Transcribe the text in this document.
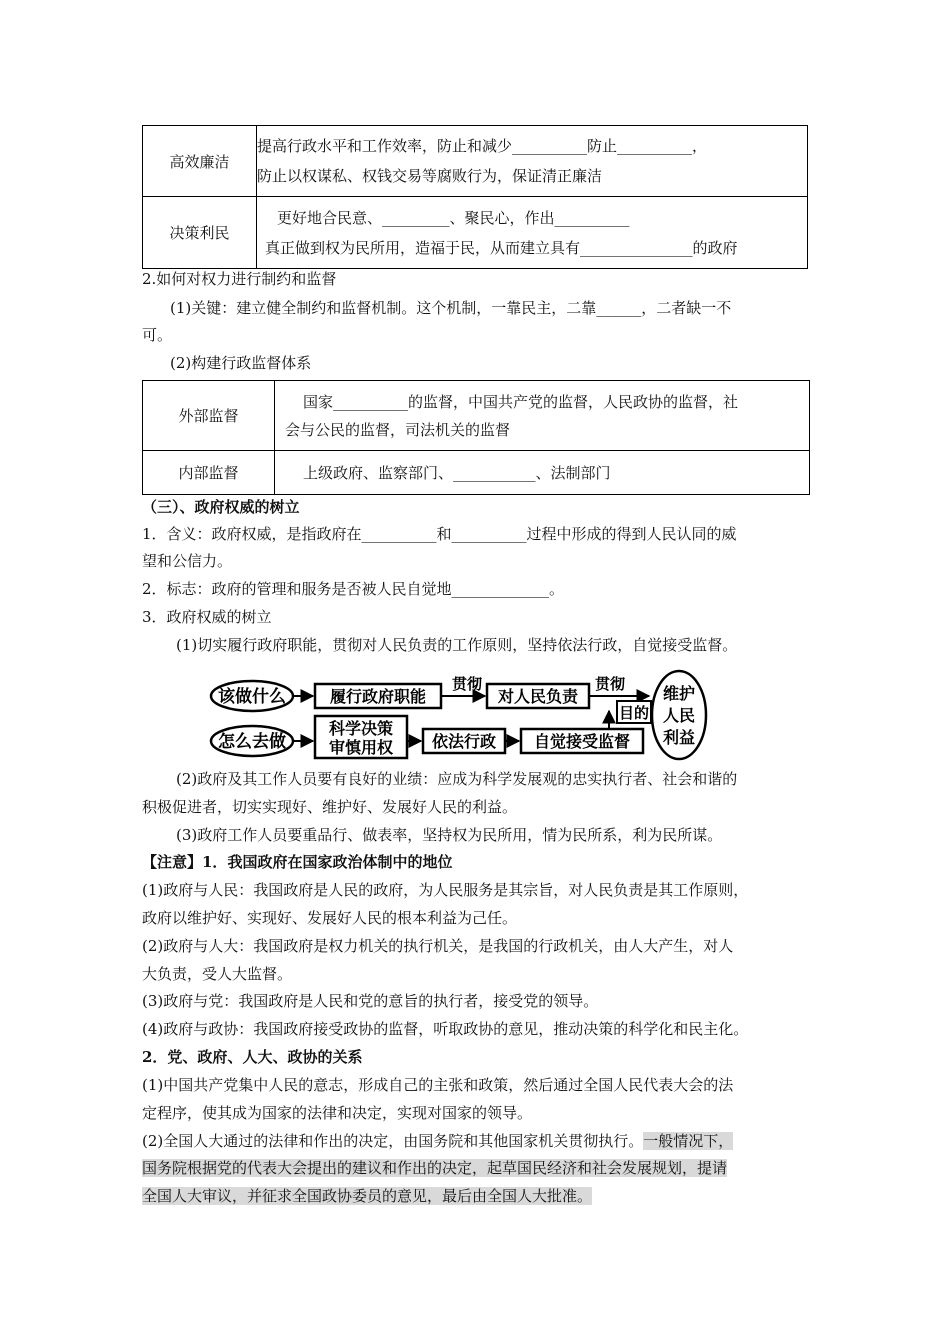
高效廉洁	提高行政水平和工作效率，防止和减少__________防止__________，
防止以权谋私、权钱交易等腐败行为，保证清正廉洁

决策利民	更好地合民意、_________、聚民心，作出__________
真正做到权为民所用，造福于民，从而建立具有_______________的政府
2.如何对权力进行制约和监督
(1)关键：建立健全制约和监督机制。这个机制，一靠民主，二靠______，二者缺一不
可。
(2)构建行政监督体系
外部监督	国家__________的监督，中国共产党的监督，人民政协的监督，社
会与公民的监督，司法机关的监督

内部监督	上级政府、监察部门、___________、法制部门
（三）、政府权威的树立
1．含义：政府权威，是指政府在__________和__________过程中形成的得到人民认同的威
望和公信力。
2．标志：政府的管理和服务是否被人民自觉地_____________。
3．政府权威的树立
(1)切实履行政府职能，贯彻对人民负责的工作原则，坚持依法行政，自觉接受监督。
该做什么
怎么去做
履行政府职能
贯彻
对人民负责
贯彻
科学决策
审慎用权 依法行政 自觉接受监督
目的
维护
人民
利益
(2)政府及其工作人员要有良好的业绩：应成为科学发展观的忠实执行者、社会和谐的
积极促进者，切实实现好、维护好、发展好人民的利益。
(3)政府工作人员要重品行、做表率，坚持权为民所用，情为民所系，利为民所谋。
【注意】1．我国政府在国家政治体制中的地位
(1)政府与人民：我国政府是人民的政府，为人民服务是其宗旨，对人民负责是其工作原则，
政府以维护好、实现好、发展好人民的根本利益为己任。
(2)政府与人大：我国政府是权力机关的执行机关，是我国的行政机关，由人大产生，对人
大负责，受人大监督。
(3)政府与党：我国政府是人民和党的意旨的执行者，接受党的领导。
(4)政府与政协：我国政府接受政协的监督，听取政协的意见，推动决策的科学化和民主化。
2．党、政府、人大、政协的关系
(1)中国共产党集中人民的意志，形成自己的主张和政策，然后通过全国人民代表大会的法
定程序，使其成为国家的法律和决定，实现对国家的领导。
(2)全国人大通过的法律和作出的决定，由国务院和其他国家机关贯彻执行。一般情况下，
国务院根据党的代表大会提出的建议和作出的决定，起草国民经济和社会发展规划，提请
全国人大审议，并征求全国政协委员的意见，最后由全国人大批准。
